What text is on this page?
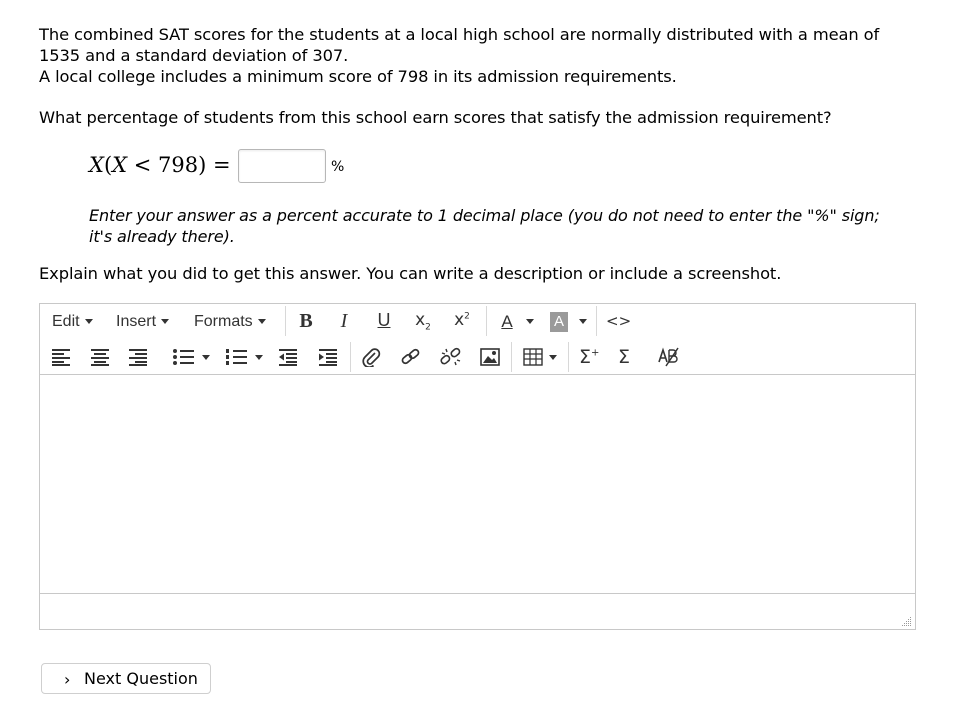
The combined SAT scores for the students at a local high school are normally distributed with a mean of

1535 and a standard deviation of 307.

A local college includes a minimum score of 798 in its admission requirements.

What percentage of students from this school earn scores that satisfy the admission requirement?
X(X < 798) =	%
Enter your answer as a percent accurate to 1 decimal place (you do not need to enter the "%" sign;
it's already there).
Explain what you did to get this answer. You can write a description or include a screenshot.
Edit	Insert	Formats	B I U $x_2$ $x^2$ A	A	<>
Σ+ Σ
› Next Question
